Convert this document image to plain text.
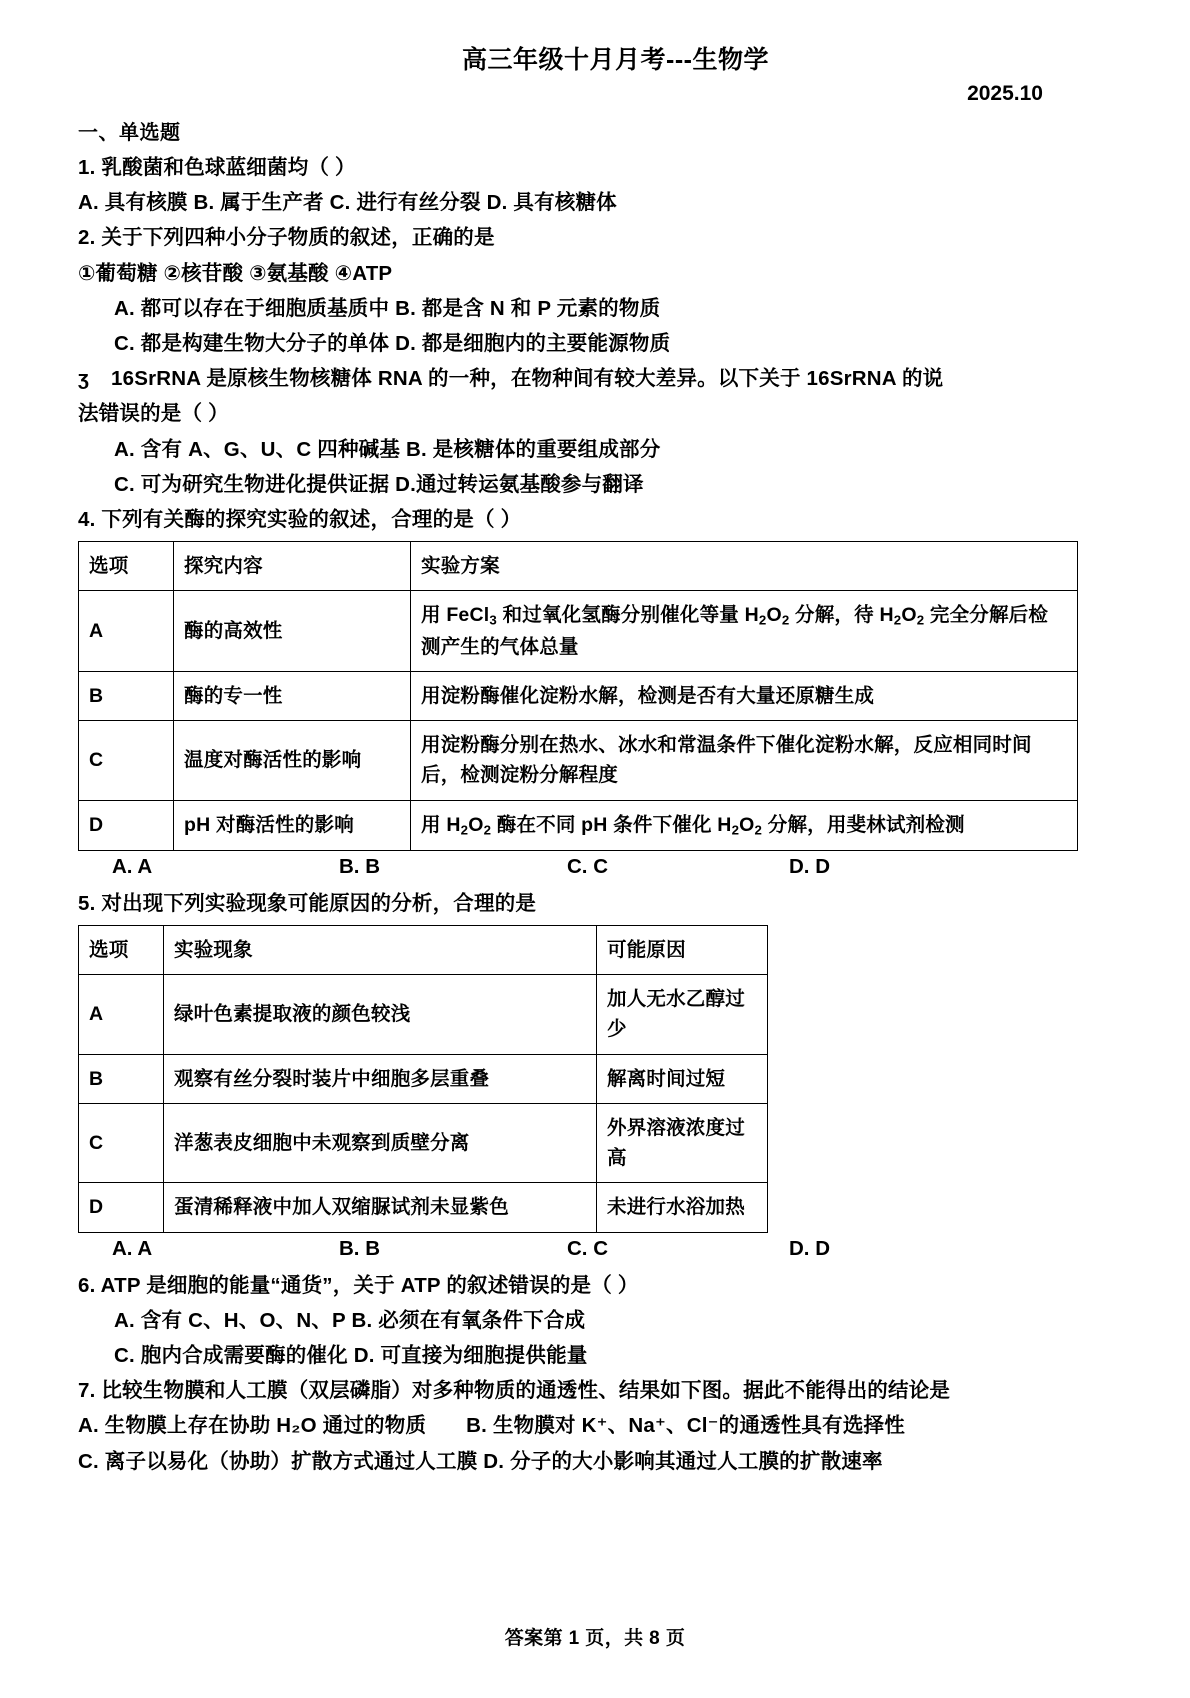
高三年级十月月考---生物学
2025.10
一、单选题
1. 乳酸菌和色球蓝细菌均（ ）
A. 具有核膜 B. 属于生产者 C. 进行有丝分裂 D. 具有核糖体
2. 关于下列四种小分子物质的叙述，正确的是
①葡萄糖 ②核苷酸 ③氨基酸 ④ATP
A. 都可以存在于细胞质基质中 B. 都是含 N 和 P 元素的物质
C. 都是构建生物大分子的单体 D. 都是细胞内的主要能源物质
ʒ 16SrRNA 是原核生物核糖体 RNA 的一种，在物种间有较大差异。以下关于 16SrRNA 的说
法错误的是（ ）
A. 含有 A、G、U、C 四种碱基 B. 是核糖体的重要组成部分
C. 可为研究生物进化提供证据 D.通过转运氨基酸参与翻译
4. 下列有关酶的探究实验的叙述，合理的是（ ）
选项	探究内容	实验方案
A	酶的高效性	用 FeCl$_3$ 和过氧化氢酶分别催化等量 $H_2O_2$ 分解，待 $H_2O_2$ 完全分解后检测产生的气体总量
B	酶的专一性	用淀粉酶催化淀粉水解，检测是否有大量还原糖生成
C	温度对酶活性的影响	用淀粉酶分别在热水、冰水和常温条件下催化淀粉水解，反应相同时间后，检测淀粉分解程度
D	pH 对酶活性的影响	用 $H_2O_2$ 酶在不同 pH 条件下催化 $H_2O_2$ 分解，用斐林试剂检测
A. A	B. B	C. C	D. D
5. 对出现下列实验现象可能原因的分析，合理的是
选项	实验现象	可能原因
A	绿叶色素提取液的颜色较浅	加人无水乙醇过少
B	观察有丝分裂时装片中细胞多层重叠	解离时间过短
C	洋葱表皮细胞中未观察到质壁分离	外界溶液浓度过高
D	蛋清稀释液中加人双缩脲试剂未显紫色	未进行水浴加热
A. A	B. B	C. C	D. D
6. ATP 是细胞的能量“通货”，关于 ATP 的叙述错误的是（ ）
A. 含有 C、H、O、N、P B. 必须在有氧条件下合成
C. 胞内合成需要酶的催化 D. 可直接为细胞提供能量
7. 比较生物膜和人工膜（双层磷脂）对多种物质的通透性、结果如下图。据此不能得出的结论是
A. 生物膜上存在协助 H₂O 通过的物质 B. 生物膜对 K⁺、Na⁺、Cl⁻的通透性具有选择性
C. 离子以易化（协助）扩散方式通过人工膜 D. 分子的大小影响其通过人工膜的扩散速率
答案第 1 页，共 8 页
